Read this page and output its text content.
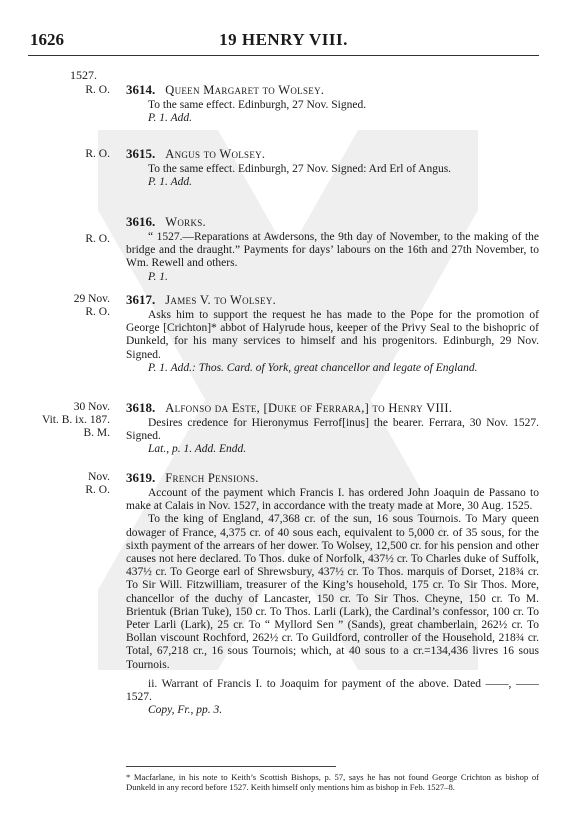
1626	19 HENRY VIII.
1527.
R. O. 3614. Queen Margaret to Wolsey.
To the same effect. Edinburgh, 27 Nov. Signed.
P. 1. Add.
R. O. 3615. Angus to Wolsey.
To the same effect. Edinburgh, 27 Nov. Signed: Ard Erl of Angus.
P. 1. Add.
R. O.
3616. Works.
“ 1527.—Reparations at Awdersons, the 9th day of November, to the making of the bridge and the draught.” Payments for days’ labours on the 16th and 27th November, to Wm. Rewell and others.
P. 1.
29 Nov.
R. O.
3617. James V. to Wolsey.
Asks him to support the request he has made to the Pope for the promotion of George [Crichton]* abbot of Halyrude hous, keeper of the Privy Seal to the bishopric of Dunkeld, for his many services to himself and his progenitors. Edinburgh, 29 Nov. Signed.
P. 1. Add.: Thos. Card. of York, great chancellor and legate of England.
30 Nov.
Vit. B. ix. 187.
B. M.
3618. Alfonso da Este, [Duke of Ferrara,] to Henry VIII.
Desires credence for Hieronymus Ferrof[inus] the bearer. Ferrara, 30 Nov. 1527. Signed.
Lat., p. 1. Add. Endd.
Nov.
R. O.
3619. French Pensions.
Account of the payment which Francis I. has ordered John Joaquin de Passano to make at Calais in Nov. 1527, in accordance with the treaty made at More, 30 Aug. 1525.
To the king of England, 47,368 cr. of the sun, 16 sous Tournois. To Mary queen dowager of France, 4,375 cr. of 40 sous each, equivalent to 5,000 cr. of 35 sous, for the sixth payment of the arrears of her dower. To Wolsey, 12,500 cr. for his pension and other causes not here declared. To Thos. duke of Norfolk, 437½ cr. To Charles duke of Suffolk, 437½ cr. To George earl of Shrewsbury, 437½ cr. To Thos. marquis of Dorset, 218¾ cr. To Sir Will. Fitzwilliam, treasurer of the King’s household, 175 cr. To Sir Thos. More, chancellor of the duchy of Lancaster, 150 cr. To Sir Thos. Cheyne, 150 cr. To M. Brientuk (Brian Tuke), 150 cr. To Thos. Larli (Lark), the Cardinal’s confessor, 100 cr. To Peter Larli (Lark), 25 cr. To “ Myllord Sen ” (Sands), great chamberlain, 262½ cr. To Bollan viscount Rochford, 262½ cr. To Guildford, controller of the Household, 218¾ cr. Total, 67,218 cr., 16 sous Tournois; which, at 40 sous to a cr.=134,436 livres 16 sous Tournois.
ii. Warrant of Francis I. to Joaquim for payment of the above. Dated ——, —— 1527.
Copy, Fr., pp. 3.
* Macfarlane, in his note to Keith’s Scottish Bishops, p. 57, says he has not found George Crichton as bishop of Dunkeld in any record before 1527. Keith himself only mentions him as bishop in Feb. 1527–8.
